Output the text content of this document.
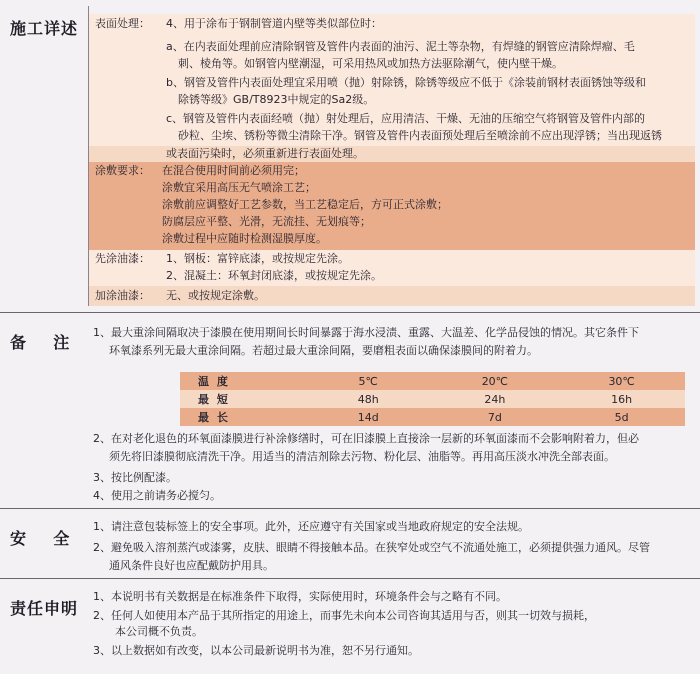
施工详述 表面处理： 4、用于涂布于钢制管道内壁等类似部位时：
a、在内表面处理前应清除钢管及管件内表面的油污、泥土等杂物，有焊缝的钢管应清除焊瘤、毛
刺、棱角等。如钢管内壁潮湿，可采用热风或加热方法驱除潮气，使内壁干燥。
b、钢管及管件内表面处理宜采用喷（抛）射除锈，除锈等级应不低于《涂装前钢材表面锈蚀等级和
除锈等级》GB/T8923中规定的Sa2级。
c、钢管及管件内表面经喷（抛）射处理后，应用清洁、干燥、无油的压缩空气将钢管及管件内部的
砂粒、尘埃、锈粉等微尘清除干净。钢管及管件内表面预处理后至喷涂前不应出现浮锈；当出现返锈
或表面污染时，必须重新进行表面处理。
涂敷要求： 在混合使用时间前必须用完；
涂敷宜采用高压无气喷涂工艺；
涂敷前应调整好工艺参数，当工艺稳定后，方可正式涂敷；
防腐层应平整、光滑，无流挂、无划痕等；
涂敷过程中应随时检测湿膜厚度。
先涂油漆： 1、钢板：富锌底漆，或按规定先涂。
2、混凝土：环氧封闭底漆，或按规定先涂。
加涂油漆： 无、或按规定涂敷。
备    注
1、最大重涂间隔取决于漆膜在使用期间长时间暴露于海水浸渍、重露、大温差、化学品侵蚀的情况。其它条件下
环氧漆系列无最大重涂间隔。若超过最大重涂间隔，要磨粗表面以确保漆膜间的附着力。
温 度	5℃	20℃	30℃
最 短	48h	24h	16h
最 长	14d	7d	5d
2、在对老化退色的环氧面漆膜进行补涂修缮时，可在旧漆膜上直接涂一层新的环氧面漆而不会影响附着力，但必
须先将旧漆膜彻底清洗干净。用适当的清洁剂除去污物、粉化层、油脂等。再用高压淡水冲洗全部表面。
3、按比例配漆。
4、使用之前请务必搅匀。
安    全
1、请注意包装标签上的安全事项。此外，还应遵守有关国家或当地政府规定的安全法规。
2、避免吸入溶剂蒸汽或漆雾，皮肤、眼睛不得接触本品。在狭窄处或空气不流通处施工，必须提供强力通风。尽管
通风条件良好也应配戴防护用具。
责任申明
1、本说明书有关数据是在标准条件下取得，实际使用时，环境条件会与之略有不同。
2、任何人如使用本产品于其所指定的用途上，而事先未向本公司咨询其适用与否，则其一切效与损耗，
本公司概不负责。
3、以上数据如有改变，以本公司最新说明书为准，恕不另行通知。
